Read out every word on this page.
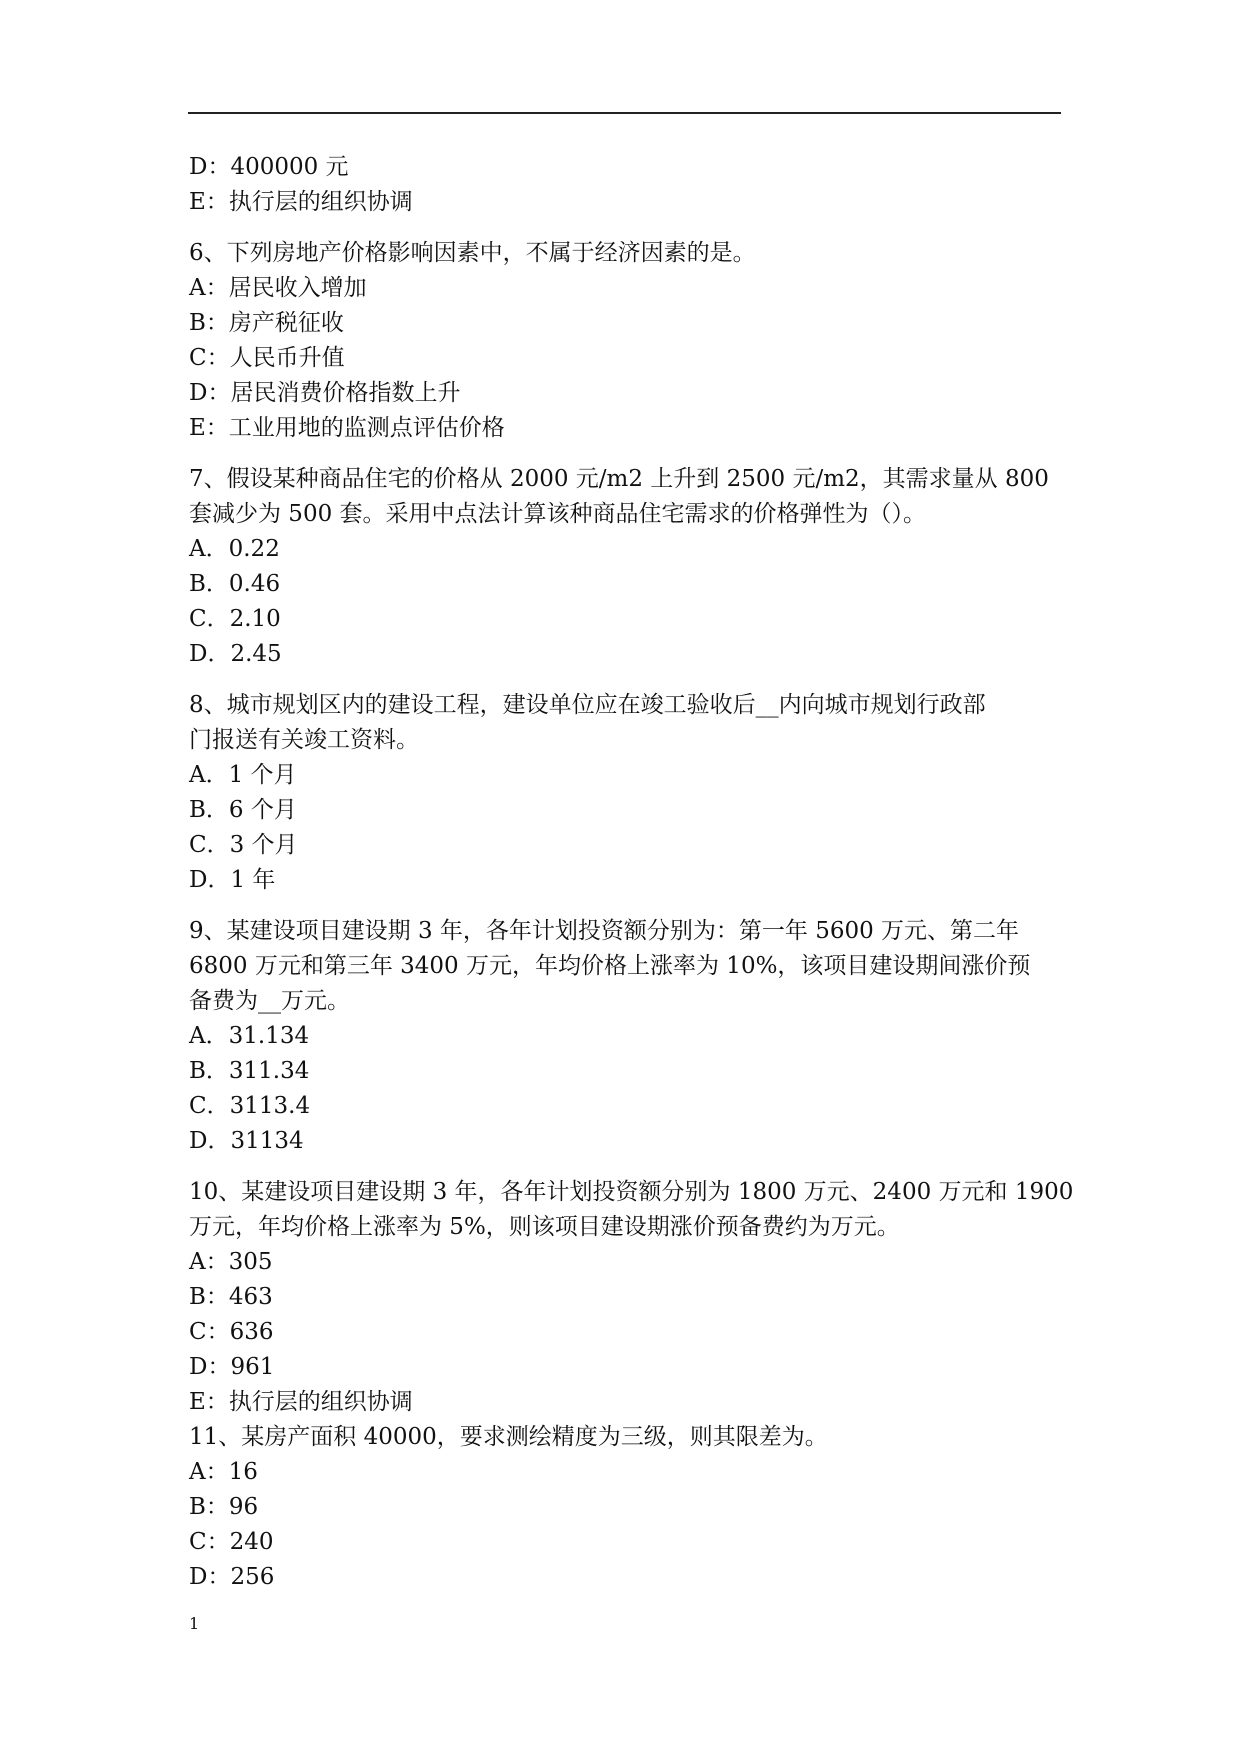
D：400000 元
E：执行层的组织协调
6、下列房地产价格影响因素中，不属于经济因素的是。
A：居民收入增加
B：房产税征收
C：人民币升值
D：居民消费价格指数上升
E：工业用地的监测点评估价格
7、假设某种商品住宅的价格从 2000 元/m2 上升到 2500 元/m2，其需求量从 800
套减少为 500 套。采用中点法计算该种商品住宅需求的价格弹性为（）。
A．0.22
B．0.46
C．2.10
D．2.45
8、城市规划区内的建设工程，建设单位应在竣工验收后__内向城市规划行政部
门报送有关竣工资料。
A．1 个月
B．6 个月
C．3 个月
D．1 年
9、某建设项目建设期 3 年，各年计划投资额分别为：第一年 5600 万元、第二年
6800 万元和第三年 3400 万元，年均价格上涨率为 10%，该项目建设期间涨价预
备费为__万元。
A．31.134
B．311.34
C．3113.4
D．31134
10、某建设项目建设期 3 年，各年计划投资额分别为 1800 万元、2400 万元和 1900
万元，年均价格上涨率为 5%，则该项目建设期涨价预备费约为万元。
A：305
B：463
C：636
D：961
E：执行层的组织协调
11、某房产面积 40000，要求测绘精度为三级，则其限差为。
A：16
B：96
C：240
D：256
1
